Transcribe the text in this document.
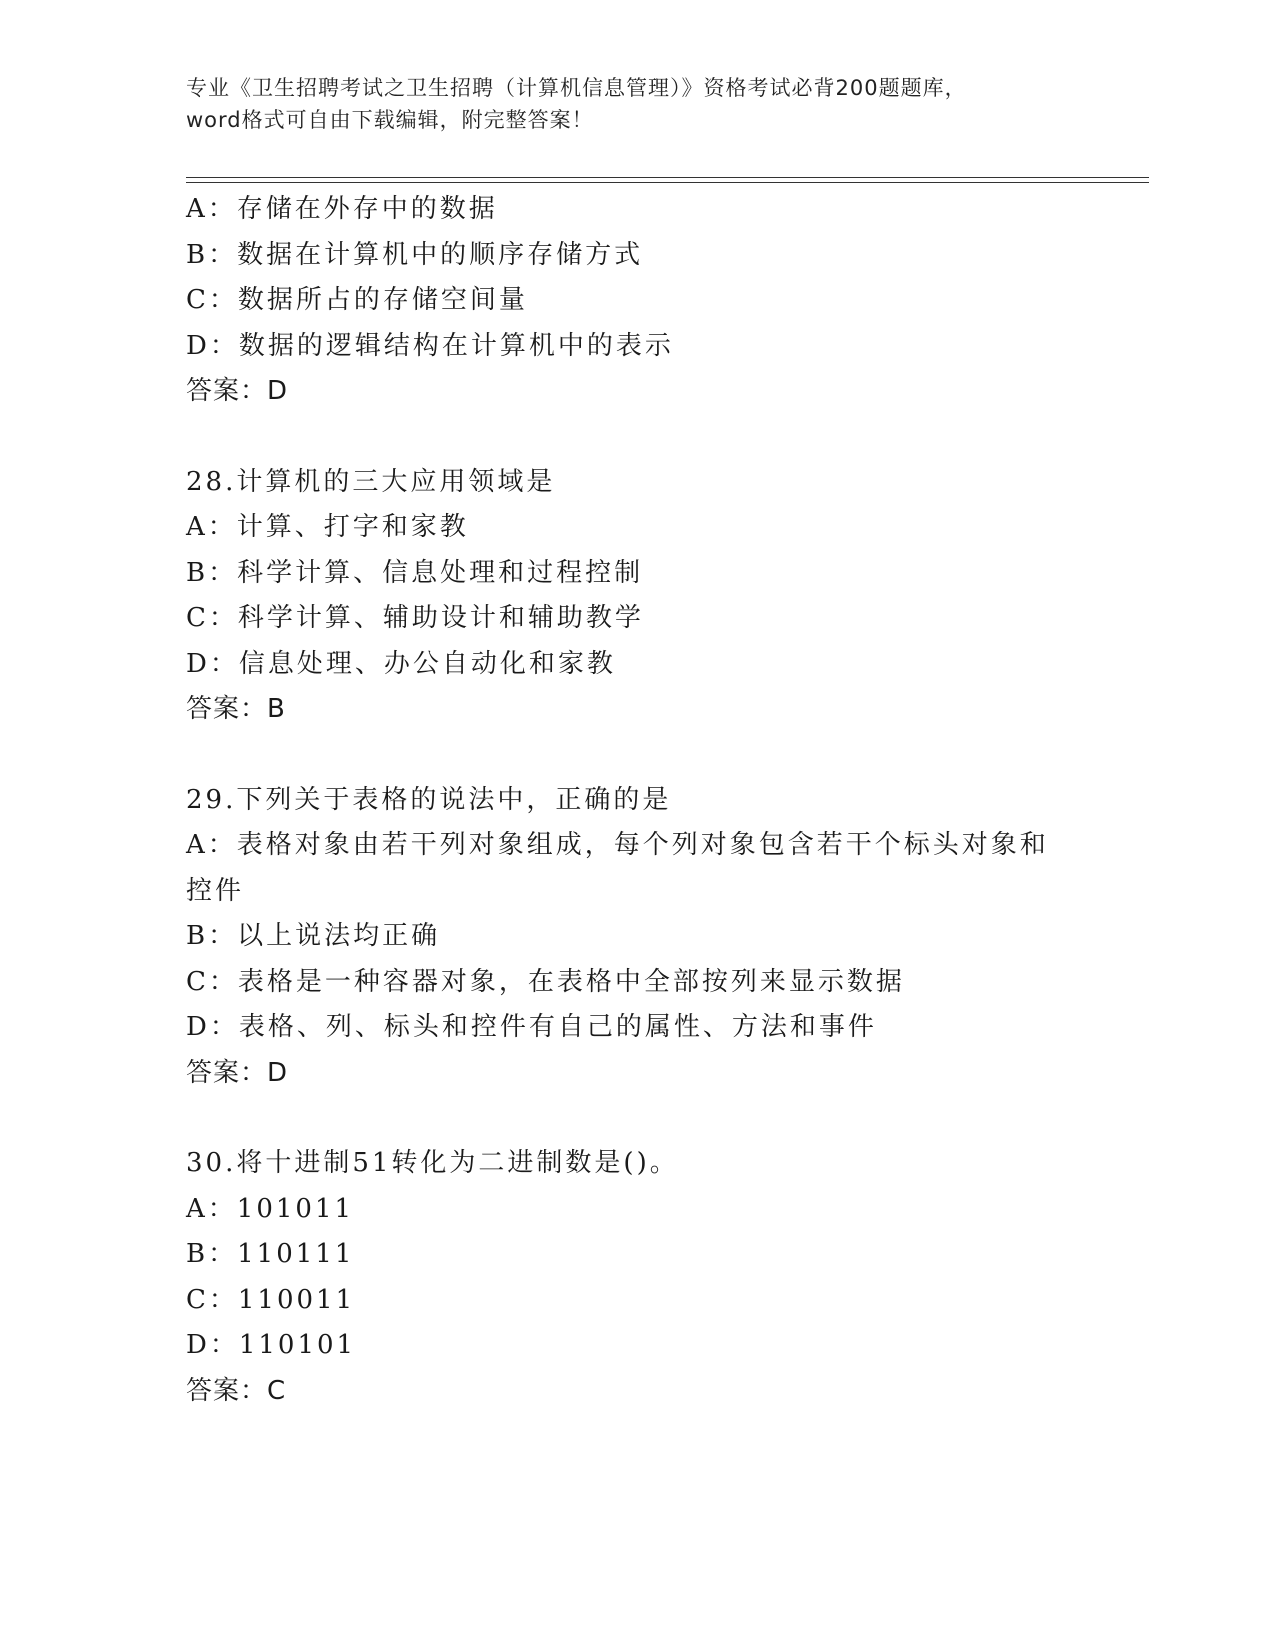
专业《卫生招聘考试之卫生招聘（计算机信息管理）》资格考试必背200题题库，
word格式可自由下载编辑，附完整答案！
A：存储在外存中的数据
B：数据在计算机中的顺序存储方式
C：数据所占的存储空间量
D：数据的逻辑结构在计算机中的表示
答案：D
28.计算机的三大应用领域是
A：计算、打字和家教
B：科学计算、信息处理和过程控制
C：科学计算、辅助设计和辅助教学
D：信息处理、办公自动化和家教
答案：B
29.下列关于表格的说法中，正确的是
A：表格对象由若干列对象组成，每个列对象包含若干个标头对象和控件
B：以上说法均正确
C：表格是一种容器对象，在表格中全部按列来显示数据
D：表格、列、标头和控件有自己的属性、方法和事件
答案：D
30.将十进制51转化为二进制数是()。
A：101011
B：110111
C：110011
D：110101
答案：C
